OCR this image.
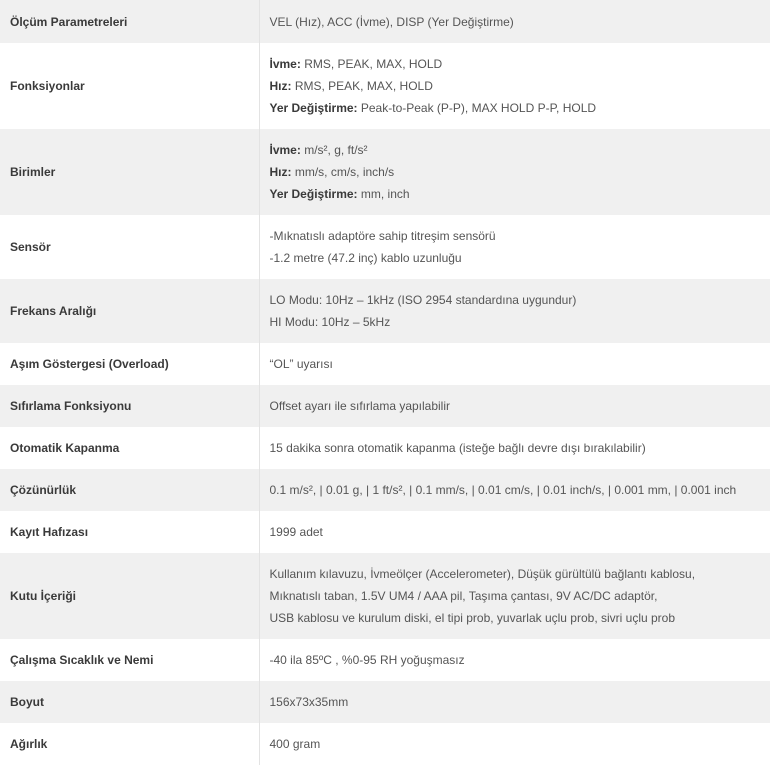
Ölçüm Parametreleri	VEL (Hız), ACC (İvme), DISP (Yer Değiştirme)

Fonksiyonlar	İvme: RMS, PEAK, MAX, HOLD
Hız: RMS, PEAK, MAX, HOLD
Yer Değiştirme: Peak-to-Peak (P-P), MAX HOLD P-P, HOLD

Birimler	İvme: m/s², g, ft/s²
Hız: mm/s, cm/s, inch/s
Yer Değiştirme: mm, inch

Sensör	-Mıknatıslı adaptöre sahip titreşim sensörü
-1.2 metre (47.2 inç) kablo uzunluğu

Frekans Aralığı	LO Modu: 10Hz – 1kHz (ISO 2954 standardına uygundur)
HI Modu: 10Hz – 5kHz

Aşım Göstergesi (Overload)	“OL” uyarısı

Sıfırlama Fonksiyonu	Offset ayarı ile sıfırlama yapılabilir

Otomatik Kapanma	15 dakika sonra otomatik kapanma (isteğe bağlı devre dışı bırakılabilir)

Çözünürlük	0.1 m/s², | 0.01 g, | 1 ft/s², | 0.1 mm/s, | 0.01 cm/s, | 0.01 inch/s, | 0.001 mm, | 0.001 inch

Kayıt Hafızası	1999 adet

Kutu İçeriği	Kullanım kılavuzu, İvmeölçer (Accelerometer), Düşük gürültülü bağlantı kablosu,
Mıknatıslı taban, 1.5V UM4 / AAA pil, Taşıma çantası, 9V AC/DC adaptör,
USB kablosu ve kurulum diski, el tipi prob, yuvarlak uçlu prob, sivri uçlu prob

Çalışma Sıcaklık ve Nemi	-40 ila 85ºC , %0-95 RH yoğuşmasız

Boyut	156x73x35mm

Ağırlık	400 gram
